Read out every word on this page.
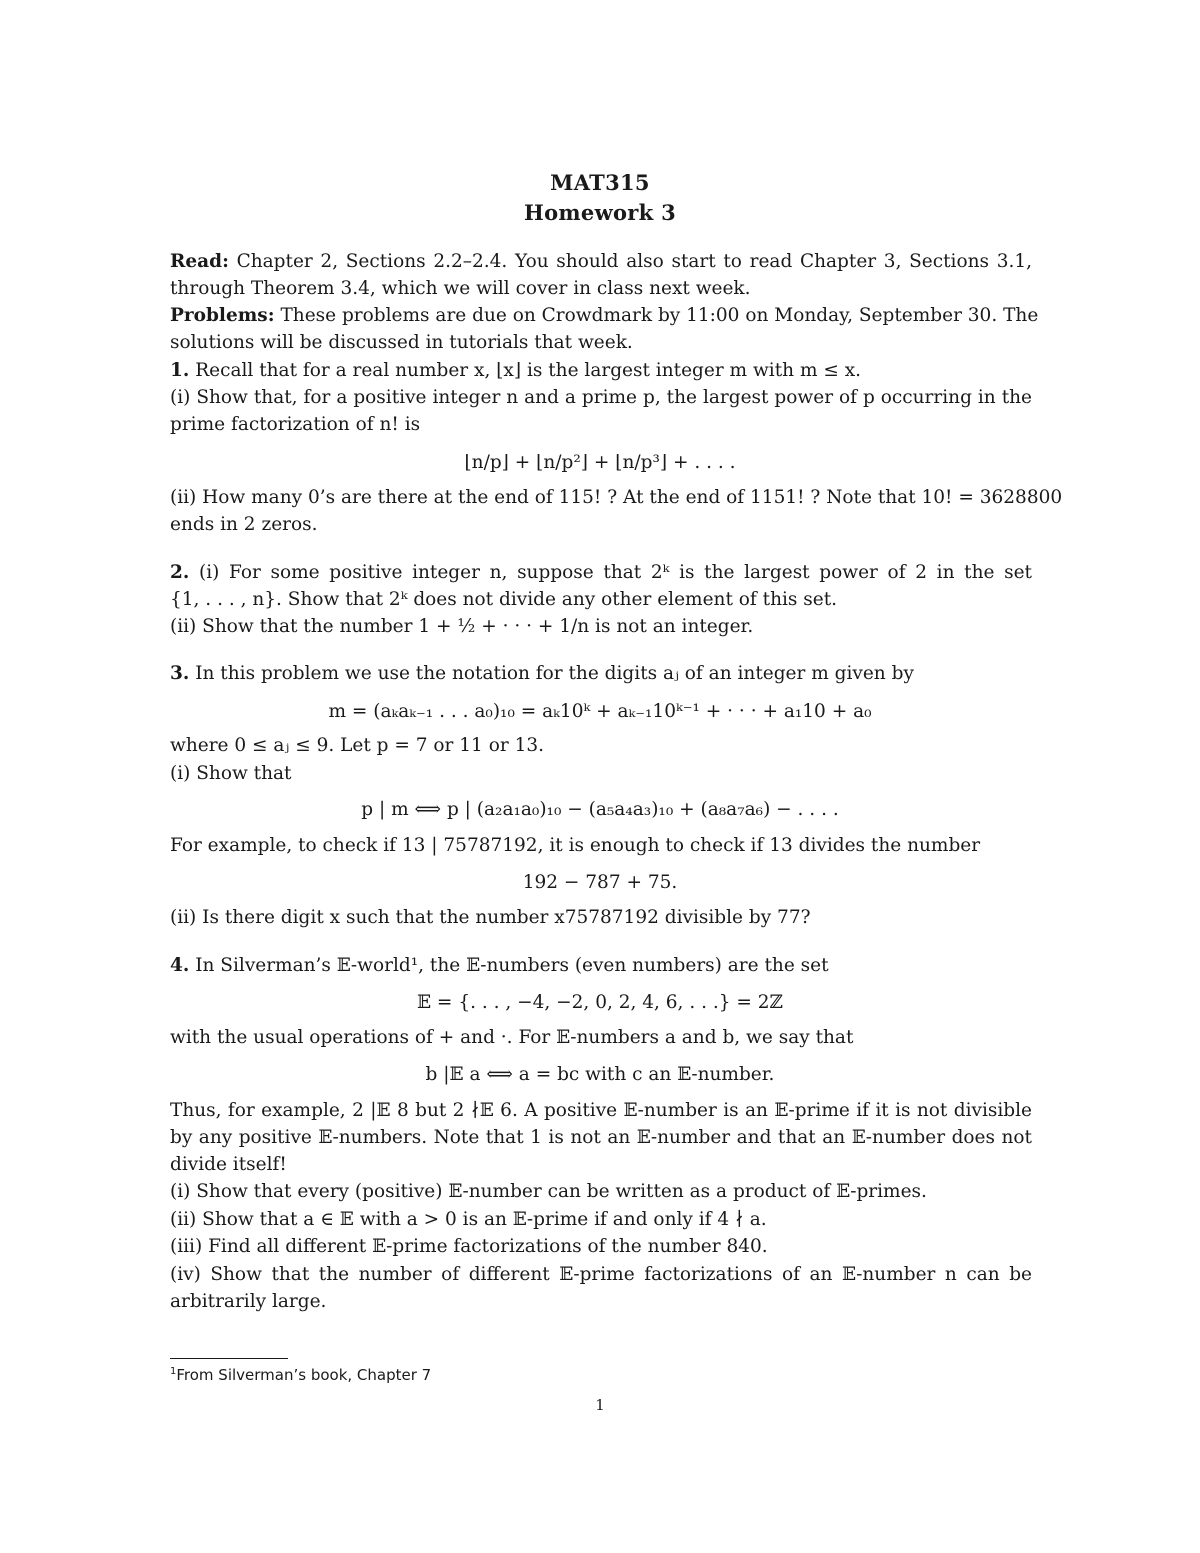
MAT315
Homework 3
Read: Chapter 2, Sections 2.2–2.4. You should also start to read Chapter 3, Sections 3.1,
through Theorem 3.4, which we will cover in class next week.
Problems: These problems are due on Crowdmark by 11:00 on Monday, September 30. The
solutions will be discussed in tutorials that week.
1. Recall that for a real number x, ⌊x⌋ is the largest integer m with m ≤ x.
(i) Show that, for a positive integer n and a prime p, the largest power of p occurring in the
prime factorization of n! is
⌊n/p⌋ + ⌊n/p²⌋ + ⌊n/p³⌋ + . . . .
(ii) How many 0’s are there at the end of 115! ? At the end of 1151! ? Note that 10! = 3628800
ends in 2 zeros.
2. (i) For some positive integer n, suppose that 2ᵏ is the largest power of 2 in the set
{1, . . . , n}. Show that 2ᵏ does not divide any other element of this set.
(ii) Show that the number 1 + ½ + · · · + 1/n is not an integer.
3. In this problem we use the notation for the digits aⱼ of an integer m given by
m = (aₖaₖ₋₁ . . . a₀)₁₀ = aₖ10ᵏ + aₖ₋₁10ᵏ⁻¹ + · · · + a₁10 + a₀
where 0 ≤ aⱼ ≤ 9. Let p = 7 or 11 or 13.
(i) Show that
p | m ⟺ p | (a₂a₁a₀)₁₀ − (a₅a₄a₃)₁₀ + (a₈a₇a₆) − . . . .
For example, to check if 13 | 75787192, it is enough to check if 13 divides the number
192 − 787 + 75.
(ii) Is there digit x such that the number x75787192 divisible by 77?
4. In Silverman’s 𝔼-world¹, the 𝔼-numbers (even numbers) are the set
𝔼 = {. . . , −4, −2, 0, 2, 4, 6, . . .} = 2ℤ
with the usual operations of + and ·. For 𝔼-numbers a and b, we say that
b |𝔼 a ⟺ a = bc with c an 𝔼-number.
Thus, for example, 2 |𝔼 8 but 2 ∤𝔼 6. A positive 𝔼-number is an 𝔼-prime if it is not divisible
by any positive 𝔼-numbers. Note that 1 is not an 𝔼-number and that an 𝔼-number does not
divide itself!
(i) Show that every (positive) 𝔼-number can be written as a product of 𝔼-primes.
(ii) Show that a ∈ 𝔼 with a > 0 is an 𝔼-prime if and only if 4 ∤ a.
(iii) Find all different 𝔼-prime factorizations of the number 840.
(iv) Show that the number of different 𝔼-prime factorizations of an 𝔼-number n can be
arbitrarily large.
$^1$From Silverman’s book, Chapter 7
1
